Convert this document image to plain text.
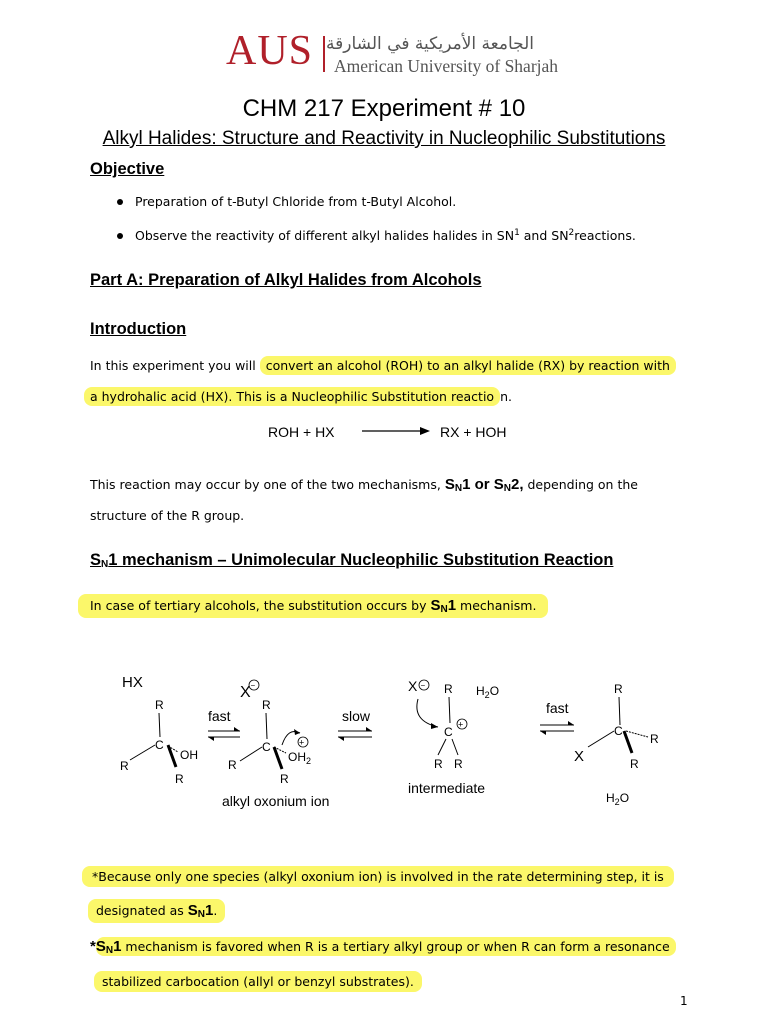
AUS الجامعة الأمريكية في الشارقة
American University of Sharjah
CHM 217 Experiment # 10
Alkyl Halides: Structure and Reactivity in Nucleophilic Substitutions
Objective
Preparation of t-Butyl Chloride from t-Butyl Alcohol.
Observe the reactivity of different alkyl halides halides in $SN^1$ and $SN^2reactions$.
Part A: Preparation of Alkyl Halides from Alcohols
Introduction
In this experiment you will convert an alcohol (ROH) to an alkyl halide (RX) by reaction with
a hydrohalic acid (HX). This is a Nucleophilic Substitution reactio n.
ROH + HX	RX + HOH
This reaction may occur by one of the two mechanisms, $S_N1$ or $S_N2$, depending on the
structure of the R group.
$S_N1$ mechanism – Unimolecular Nucleophilic Substitution Reaction
In case of tertiary alcohols, the substitution occurs by $S_N1$ mechanism.
HX
R
C
R
R
OH
fast
X −
R
C
R
R
$OH_2$
+
alkyl oxonium ion
slow
X − R
C
+
R R
$H_2O$
intermediate
fast
R
C
X	R
R
$H_2O$
*Because only one species (alkyl oxonium ion) is involved in the rate determining step, it is
designated as $S_N1$.
$*S_N1$ mechanism is favored when R is a tertiary alkyl group or when R can form a resonance
stabilized carbocation (allyl or benzyl substrates).
1
